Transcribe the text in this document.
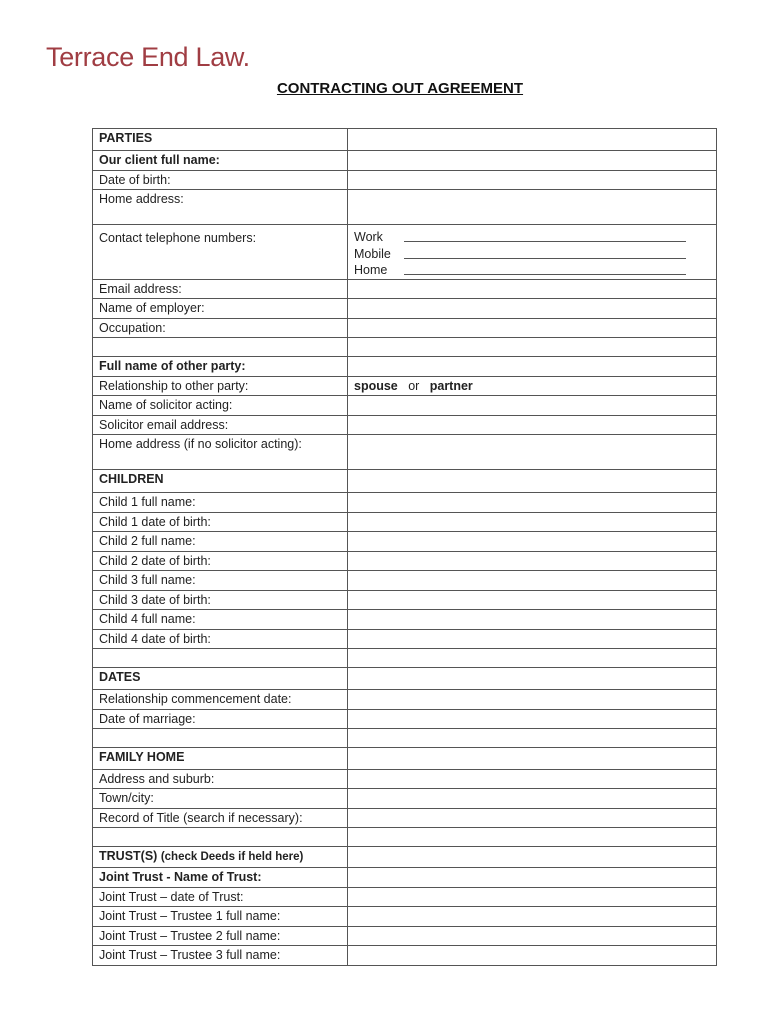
Terrace End Law.
CONTRACTING OUT AGREEMENT
PARTIES	
Our client full name:	
Date of birth:	
Home address:	
Contact telephone numbers:	Work
Mobile
Home

Email address:	
Name of employer:	
Occupation:	

Full name of other party:	
Relationship to other party:	spouse or partner
Name of solicitor acting:	
Solicitor email address:	
Home address (if no solicitor acting):	
CHILDREN	
Child 1 full name:	
Child 1 date of birth:	
Child 2 full name:	
Child 2 date of birth:	
Child 3 full name:	
Child 3 date of birth:	
Child 4 full name:	
Child 4 date of birth:	

DATES	
Relationship commencement date:	
Date of marriage:	

FAMILY HOME	
Address and suburb:	
Town/city:	
Record of Title (search if necessary):	

TRUST(S) (check Deeds if held here)	
Joint Trust - Name of Trust:	
Joint Trust – date of Trust:	
Joint Trust – Trustee 1 full name:	
Joint Trust – Trustee 2 full name:	
Joint Trust – Trustee 3 full name:	
